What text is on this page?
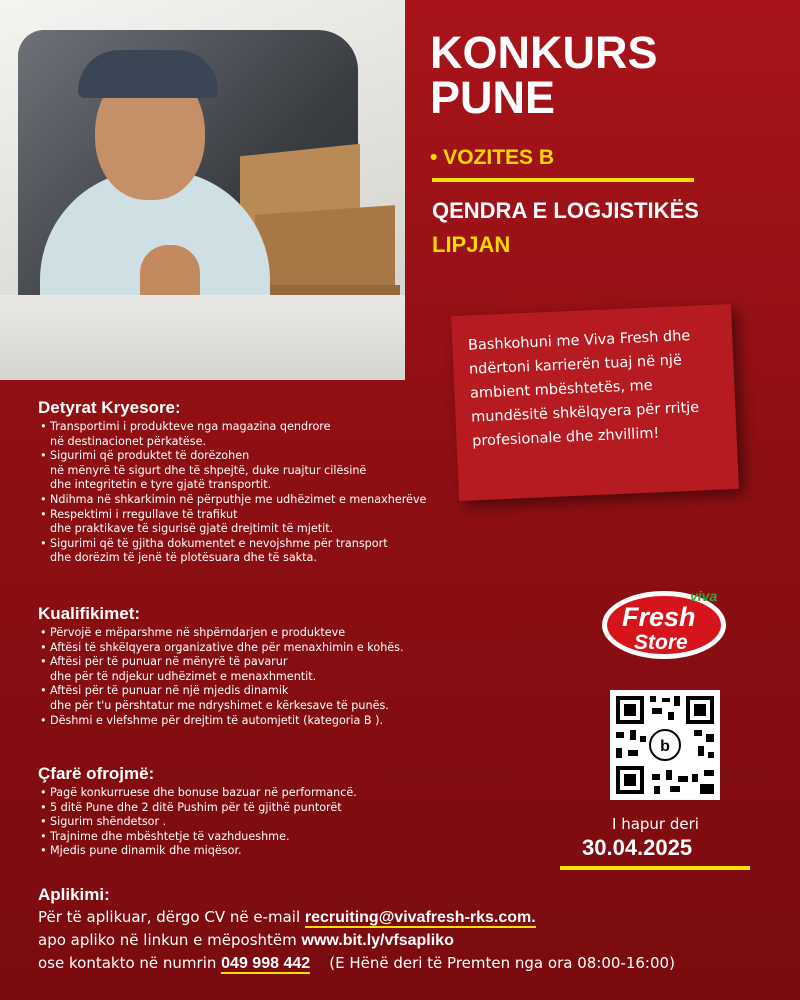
KONKURS
PUNE
• VOZITES B
QENDRA E LOGJISTIKËS
LIPJAN
Bashkohuni me Viva Fresh dhe ndërtoni karrierën tuaj në një ambient mbështetës, me mundësitë shkëlqyera për rritje profesionale dhe zhvillim!
Detyrat Kryesore:
• Transportimi i produkteve nga magazina qendrore
në destinacionet përkatëse.
• Sigurimi që produktet të dorëzohen
në mënyrë të sigurt dhe të shpejtë, duke ruajtur cilësinë
dhe integritetin e tyre gjatë transportit.
• Ndihma në shkarkimin në përputhje me udhëzimet e menaxherëve
• Respektimi i rregullave të trafikut
dhe praktikave të sigurisë gjatë drejtimit të mjetit.
• Sigurimi që të gjitha dokumentet e nevojshme për transport
dhe dorëzim të jenë të plotësuara dhe të sakta.
Kualifikimet:
• Përvojë e mëparshme në shpërndarjen e produkteve
• Aftësi të shkëlqyera organizative dhe për menaxhimin e kohës.
• Aftësi për të punuar në mënyrë të pavarur
dhe për të ndjekur udhëzimet e menaxhmentit.
• Aftësi për të punuar në një mjedis dinamik
dhe për t'u përshtatur me ndryshimet e kërkesave të punës.
• Dëshmi e vlefshme për drejtim të automjetit (kategoria B ).
Çfarë ofrojmë:
• Pagë konkurruese dhe bonuse bazuar në performancë.
• 5 ditë Pune dhe 2 ditë Pushim për të gjithë puntorët
• Sigurim shëndetsor .
• Trajnime dhe mbështetje të vazhdueshme.
• Mjedis pune dinamik dhe miqësor.
viva
Fresh
Store
b
I hapur deri
30.04.2025
Aplikimi:

Për të aplikuar, dërgo CV në e-mail recruiting@vivafresh-rks.com.

apo apliko në linkun e mëposhtëm www.bit.ly/vfsapliko

ose kontakto në numrin 049 998 442 (E Hënë deri të Premten nga ora 08:00-16:00)
